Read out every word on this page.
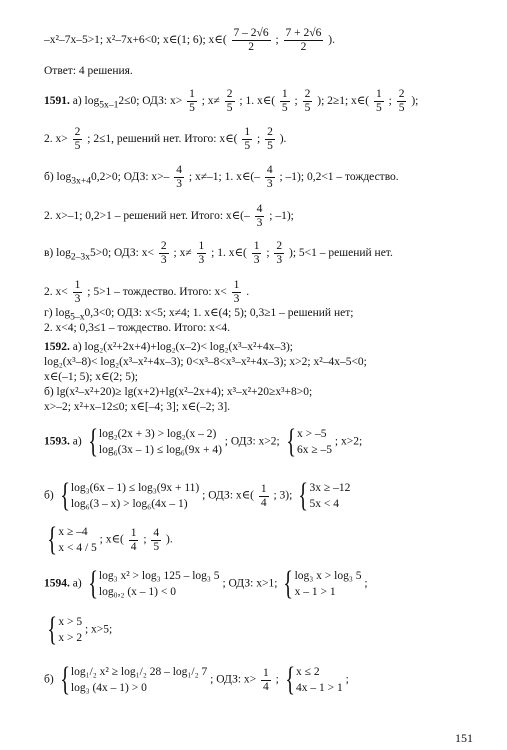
–x²–7x–5>1; x²–7x+6<0; x∈(1; 6); x∈( $\frac{7 - 2√6}{2}$ ; $\frac{7 + 2√6}{2}$ ).
Ответ: 4 решения.
1591. а) $\log_{5x-1}2\le 0$; ОДЗ: $x> \frac{1}{5}$ ; $x\ne \frac{2}{5}$ ; 1. x∈( $\frac{1}{5}$ ; $\frac{2}{5}$ ); 2≥1; x∈( $\frac{1}{5}$ ; $\frac{2}{5}$ );
2. $x> \frac{2}{5}$ ; 2≤1, решений нет. Итого: x∈( $\frac{1}{5}$ ; $\frac{2}{5}$ ).
б) $\log_{3x+4}0,2>0$; ОДЗ: $x>- \frac{4}{3}$ ; x≠–1; 1. x∈(– $\frac{4}{3}$ ; –1); 0,2<1 – тождество.
2. x>–1; 0,2>1 – решений нет. Итого: x∈(– $\frac{4}{3}$ ; –1);
в) $\log_{2-3x}5>0$; ОДЗ: $x< \frac{2}{3}$ ; $x\ne \frac{1}{3}$ ; 1. x∈( $\frac{1}{3}$ ; $\frac{2}{3}$ ); 5<1 – решений нет.
2. $x< \frac{1}{3}$ ; 5>1 – тождество. Итого: $x< \frac{1}{3}$ .
г) $\log_{5-x}0,3<0$; ОДЗ: x<5; x≠4; 1. x∈(4; 5); 0,3≥1 – решений нет;
2. x<4; 0,3≤1 – тождество. Итого: x<4.
1592. а) log₂(x²+2x+4)+log₂(x–2)< log₂(x³–x²+4x–3);
log₂(x³–8)< log₂(x³–x²+4x–3); 0<x³–8<x³–x²+4x–3); x>2; x²–4x–5<0;
x∈(–1; 5); x∈(2; 5);
б) lg(x²–x²+20)≥ lg(x+2)+lg(x²–2x+4); x³–x²+20≥x³+8>0;
x>–2; x²+x–12≤0; x∈[–4; 3]; x∈(–2; 3].
1593. а) { log₂(2x + 3) > log₂(x – 2)
log₆(3x – 1) ≤ log₆(9x + 4)
; ОДЗ: x>2; { x > –5
6x ≥ –5
; x>2;
б) { log₃(6x – 1) ≤ log₃(9x + 11)
log₆(3 – x) > log₆(4x – 1)
; ОДЗ: x∈( $\frac{1}{4}$ ; 3); { 3x ≥ –12
5x < 4
{ x ≥ –4
x < 4 / 5
; x∈( $\frac{1}{4}$ ; $\frac{4}{5}$ ).
1594. а) { log₃ x² > log₃ 125 – log₃ 5
log₀,₂ (x – 1) < 0
; ОДЗ: x>1; { log₃ x > log₃ 5
x – 1 > 1
;
{ x > 5
x > 2
; x>5;
б) { log₁/₂ x² ≥ log₁/₂ 28 – log₁/₂ 7
log₃ (4x – 1) > 0
; ОДЗ: $x> \frac{1}{4}$ ; { x ≤ 2
4x – 1 > 1
;
151
